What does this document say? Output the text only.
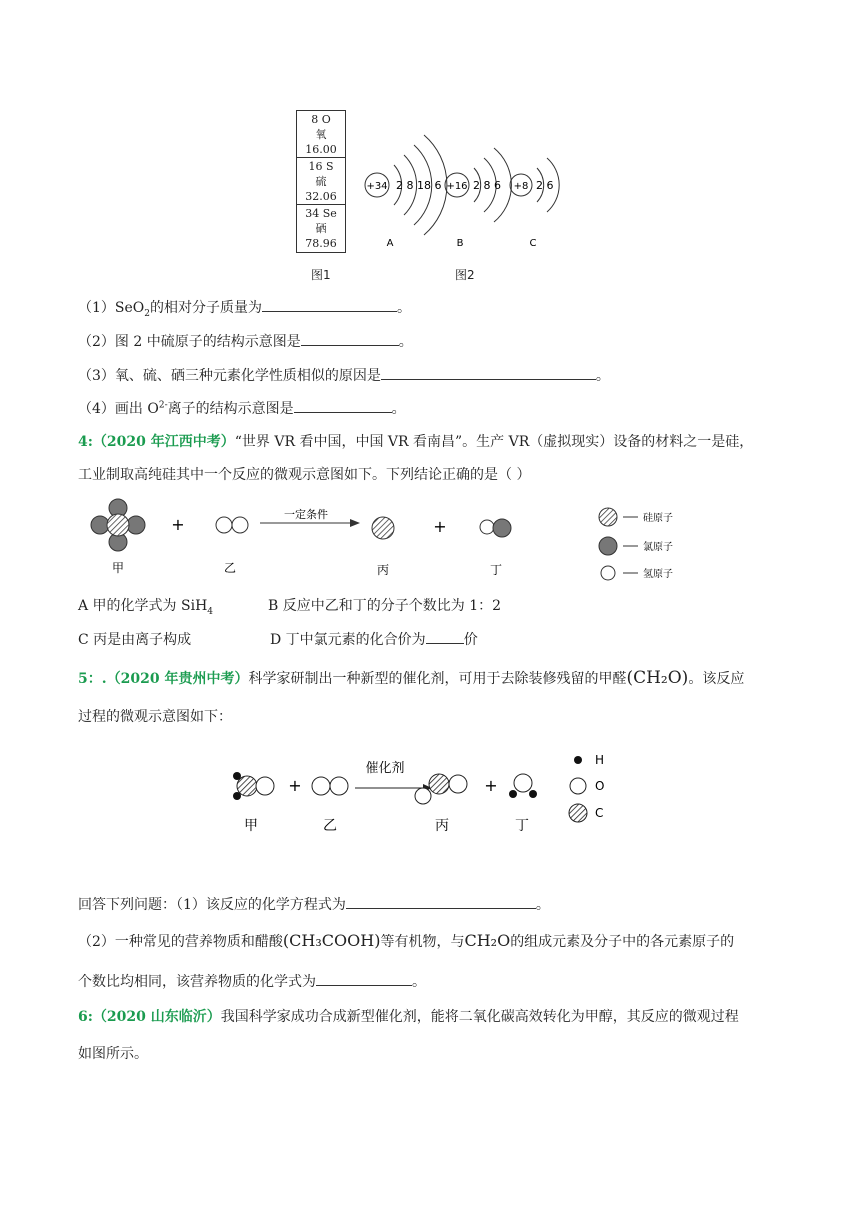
8 O
氧
16.00
16 S
硫
32.06
34 Se
硒
78.96
图1
+34 2 8 18 6
A
+16 2 8 6
B
+8 2 6
C
图2
（1）SeO$_2$的相对分子质量为	。
（2）图 2 中硫原子的结构示意图是	。
（3）氧、硫、硒三种元素化学性质相似的原因是	。
（4）画出 $O^{2-}$离子的结构示意图是	。
4:（2020 年江西中考）“世界 VR 看中国，中国 VR 看南昌”。生产 VR（虚拟现实）设备的材料之一是硅，
工业制取高纯硅其中一个反应的微观示意图如下。下列结论正确的是（ ）
+
一定条件
+
甲	乙	丙	丁
硅原子
氯原子
氢原子
A 甲的化学式为 SiH$_4$	B 反应中乙和丁的分子个数比为 1：2
C 丙是由离子构成	D 丁中氯元素的化合价为	价
5：.（2020 年贵州中考）科学家研制出一种新型的催化剂，可用于去除装修残留的甲醛(CH₂O)。该反应
过程的微观示意图如下：
+
催化剂
+
甲	乙	丙	丁
H
O
C
回答下列问题：（1）该反应的化学方程式为	。
（2）一种常见的营养物质和醋酸(CH₃COOH)等有机物，与CH₂O的组成元素及分子中的各元素原子的
个数比均相同，该营养物质的化学式为	。
6:（2020 山东临沂）我国科学家成功合成新型催化剂，能将二氧化碳高效转化为甲醇，其反应的微观过程
如图所示。
